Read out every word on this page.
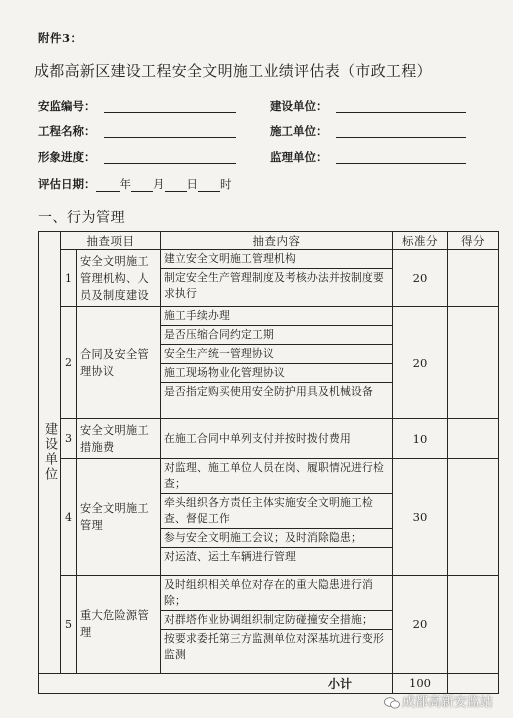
附件3：
成都高新区建设工程安全文明施工业绩评估表（市政工程）
安监编号：	建设单位：
工程名称：	施工单位：
形象进度：	监理单位：
评估日期： 年 月 日 时
一、行为管理
建设单位	抽查项目		抽查内容	标准分	得分
	1	安全文明施工管理机构、人员及制度建设	建立安全文明施工管理机构
制定安全生产管理制度及考核办法并按制度要求执行	20	
	2	合同及安全管理协议	施工手续办理
是否压缩合同约定工期
安全生产统一管理协议
施工现场物业化管理协议
是否指定购买使用安全防护用具及机械设备	20	
	3	安全文明施工措施费	在施工合同中单列支付并按时拨付费用	10	
	4	安全文明施工管理	对监理、施工单位人员在岗、履职情况进行检查；
牵头组织各方责任主体实施安全文明施工检查、督促工作
参与安全文明施工会议；及时消除隐患；
对运渣、运土车辆进行管理	30	
	5	重大危险源管理	及时组织相关单位对存在的重大隐患进行消除；
对群塔作业协调组织制定防碰撞安全措施；
按要求委托第三方监测单位对深基坑进行变形监测	20	
小计				100	
成都高新安监站
